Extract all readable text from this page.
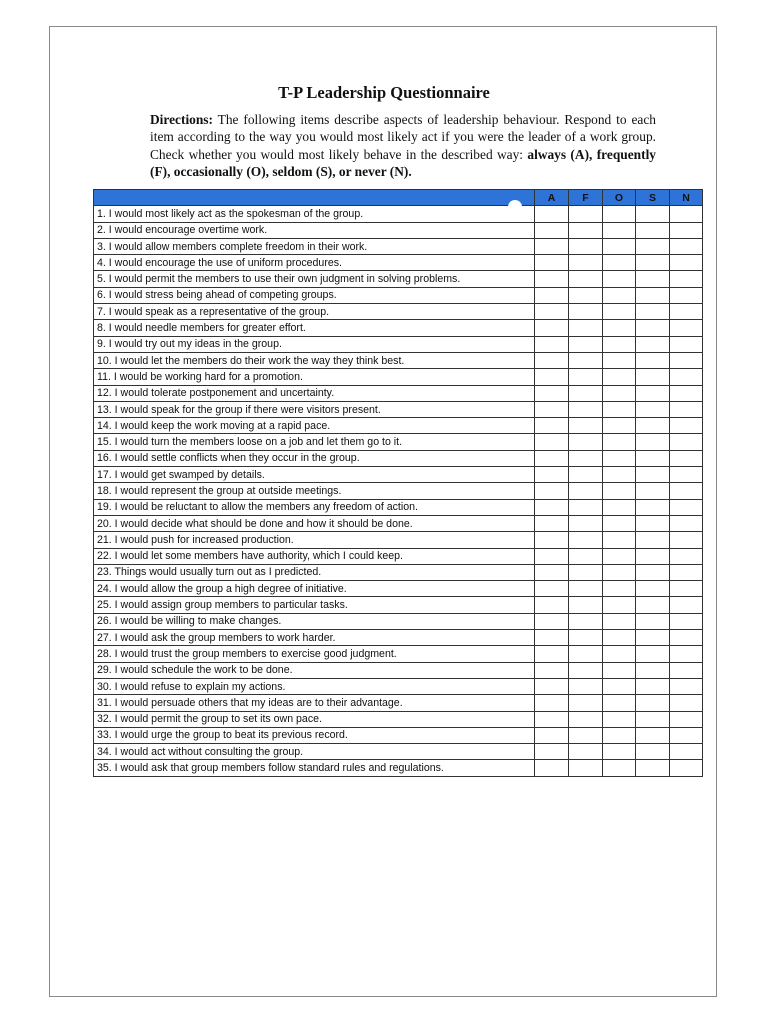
T-P Leadership Questionnaire
Directions: The following items describe aspects of leadership behaviour. Respond to each item according to the way you would most likely act if you were the leader of a work group. Check whether you would most likely behave in the described way: always (A), frequently (F), occasionally (O), seldom (S), or never (N).
	A	F	O	S	N
1. I would most likely act as the spokesman of the group.					
2. I would encourage overtime work.					
3. I would allow members complete freedom in their work.					
4. I would encourage the use of uniform procedures.					
5. I would permit the members to use their own judgment in solving problems.					
6. I would stress being ahead of competing groups.					
7. I would speak as a representative of the group.					
8. I would needle members for greater effort.					
9. I would try out my ideas in the group.					
10. I would let the members do their work the way they think best.					
11. I would be working hard for a promotion.					
12. I would tolerate postponement and uncertainty.					
13. I would speak for the group if there were visitors present.					
14. I would keep the work moving at a rapid pace.					
15. I would turn the members loose on a job and let them go to it.					
16. I would settle conflicts when they occur in the group.					
17. I would get swamped by details.					
18. I would represent the group at outside meetings.					
19. I would be reluctant to allow the members any freedom of action.					
20. I would decide what should be done and how it should be done.					
21. I would push for increased production.					
22. I would let some members have authority, which I could keep.					
23. Things would usually turn out as I predicted.					
24. I would allow the group a high degree of initiative.					
25. I would assign group members to particular tasks.					
26. I would be willing to make changes.					
27. I would ask the group members to work harder.					
28. I would trust the group members to exercise good judgment.					
29. I would schedule the work to be done.					
30. I would refuse to explain my actions.					
31. I would persuade others that my ideas are to their advantage.					
32. I would permit the group to set its own pace.					
33. I would urge the group to beat its previous record.					
34. I would act without consulting the group.					
35. I would ask that group members follow standard rules and regulations.					
